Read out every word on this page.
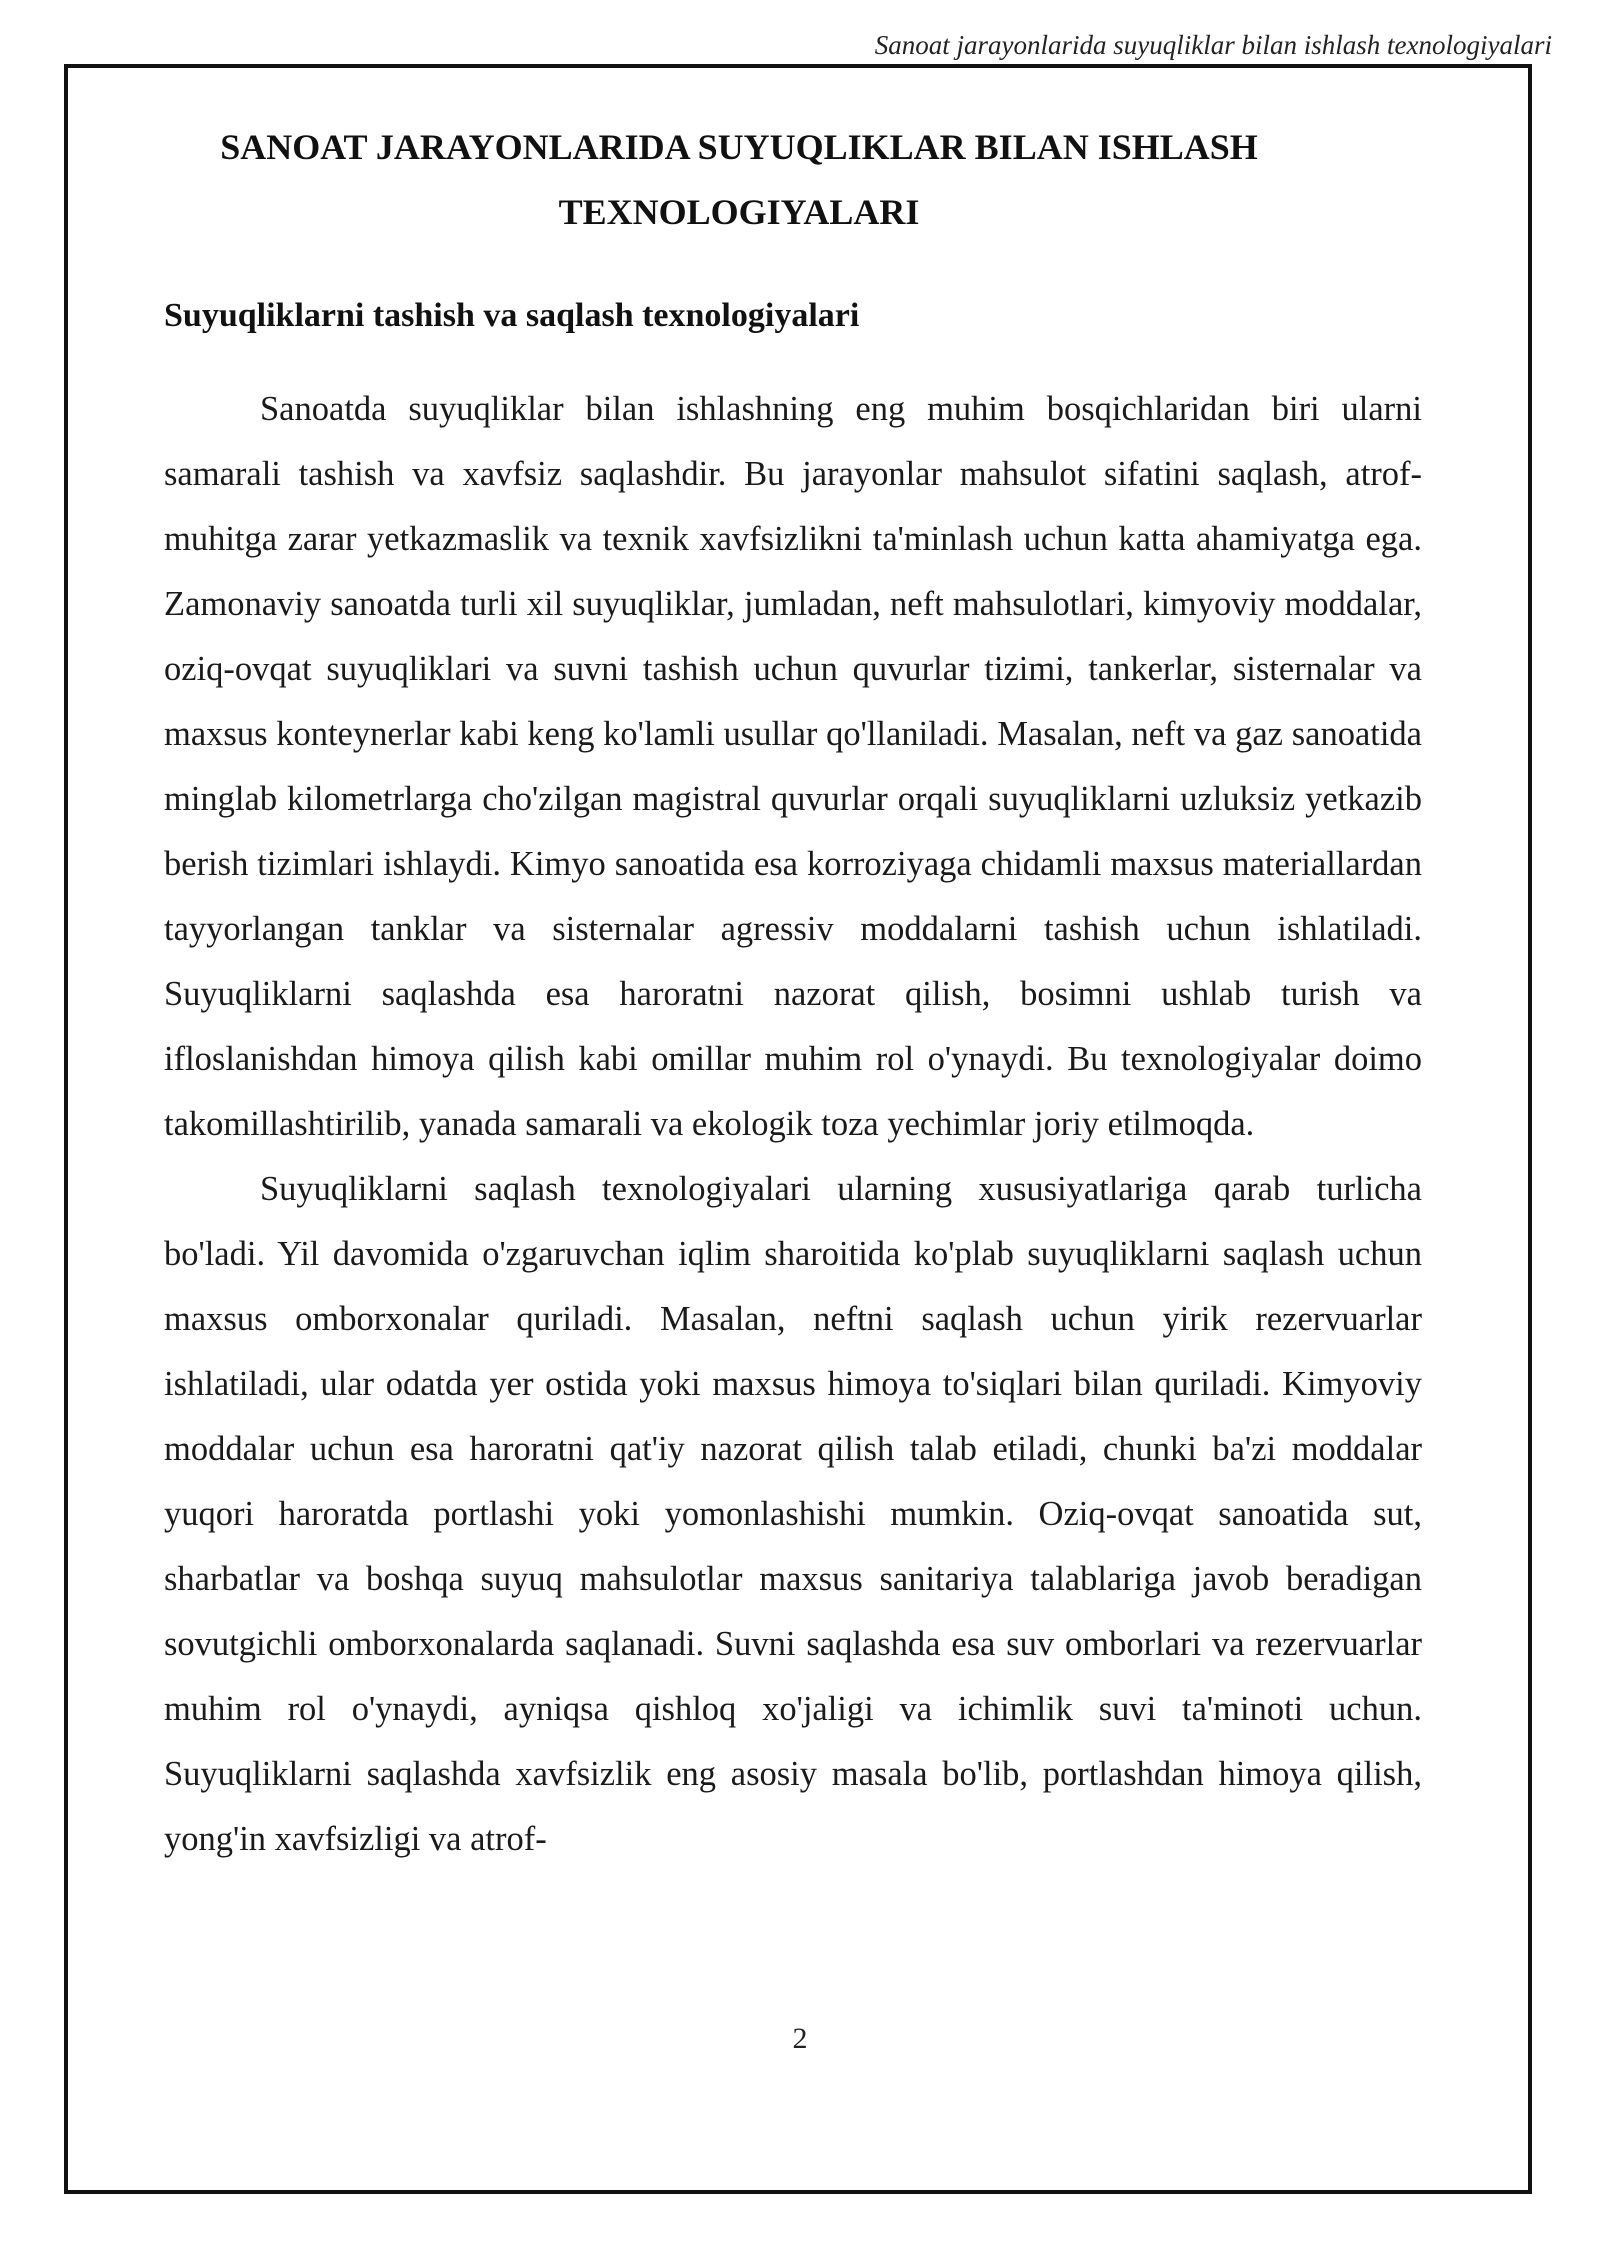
Sanoat jarayonlarida suyuqliklar bilan ishlash texnologiyalari
SANOAT JARAYONLARIDA SUYUQLIKLAR BILAN ISHLASH
TEXNOLOGIYALARI
Suyuqliklarni tashish va saqlash texnologiyalari

Sanoatda suyuqliklar bilan ishlashning eng muhim bosqichlaridan biri ularni samarali tashish va xavfsiz saqlashdir. Bu jarayonlar mahsulot sifatini saqlash, atrof-muhitga zarar yetkazmaslik va texnik xavfsizlikni ta'minlash uchun katta ahamiyatga ega. Zamonaviy sanoatda turli xil suyuqliklar, jumladan, neft mahsulotlari, kimyoviy moddalar, oziq-ovqat suyuqliklari va suvni tashish uchun quvurlar tizimi, tankerlar, sisternalar va maxsus konteynerlar kabi keng ko'lamli usullar qo'llaniladi. Masalan, neft va gaz sanoatida minglab kilometrlarga cho'zilgan magistral quvurlar orqali suyuqliklarni uzluksiz yetkazib berish tizimlari ishlaydi. Kimyo sanoatida esa korroziyaga chidamli maxsus materiallardan tayyorlangan tanklar va sisternalar agressiv moddalarni tashish uchun ishlatiladi. Suyuqliklarni saqlashda esa haroratni nazorat qilish, bosimni ushlab turish va ifloslanishdan himoya qilish kabi omillar muhim rol o'ynaydi. Bu texnologiyalar doimo takomillashtirilib, yanada samarali va ekologik toza yechimlar joriy etilmoqda.

Suyuqliklarni saqlash texnologiyalari ularning xususiyatlariga qarab turlicha bo'ladi. Yil davomida o'zgaruvchan iqlim sharoitida ko'plab suyuqliklarni saqlash uchun maxsus omborxonalar quriladi. Masalan, neftni saqlash uchun yirik rezervuarlar ishlatiladi, ular odatda yer ostida yoki maxsus himoya to'siqlari bilan quriladi. Kimyoviy moddalar uchun esa haroratni qat'iy nazorat qilish talab etiladi, chunki ba'zi moddalar yuqori haroratda portlashi yoki yomonlashishi mumkin. Oziq-ovqat sanoatida sut, sharbatlar va boshqa suyuq mahsulotlar maxsus sanitariya talablariga javob beradigan sovutgichli omborxonalarda saqlanadi. Suvni saqlashda esa suv omborlari va rezervuarlar muhim rol o'ynaydi, ayniqsa qishloq xo'jaligi va ichimlik suvi ta'minoti uchun. Suyuqliklarni saqlashda xavfsizlik eng asosiy masala bo'lib, portlashdan himoya qilish, yong'in xavfsizligi va atrof-

2
